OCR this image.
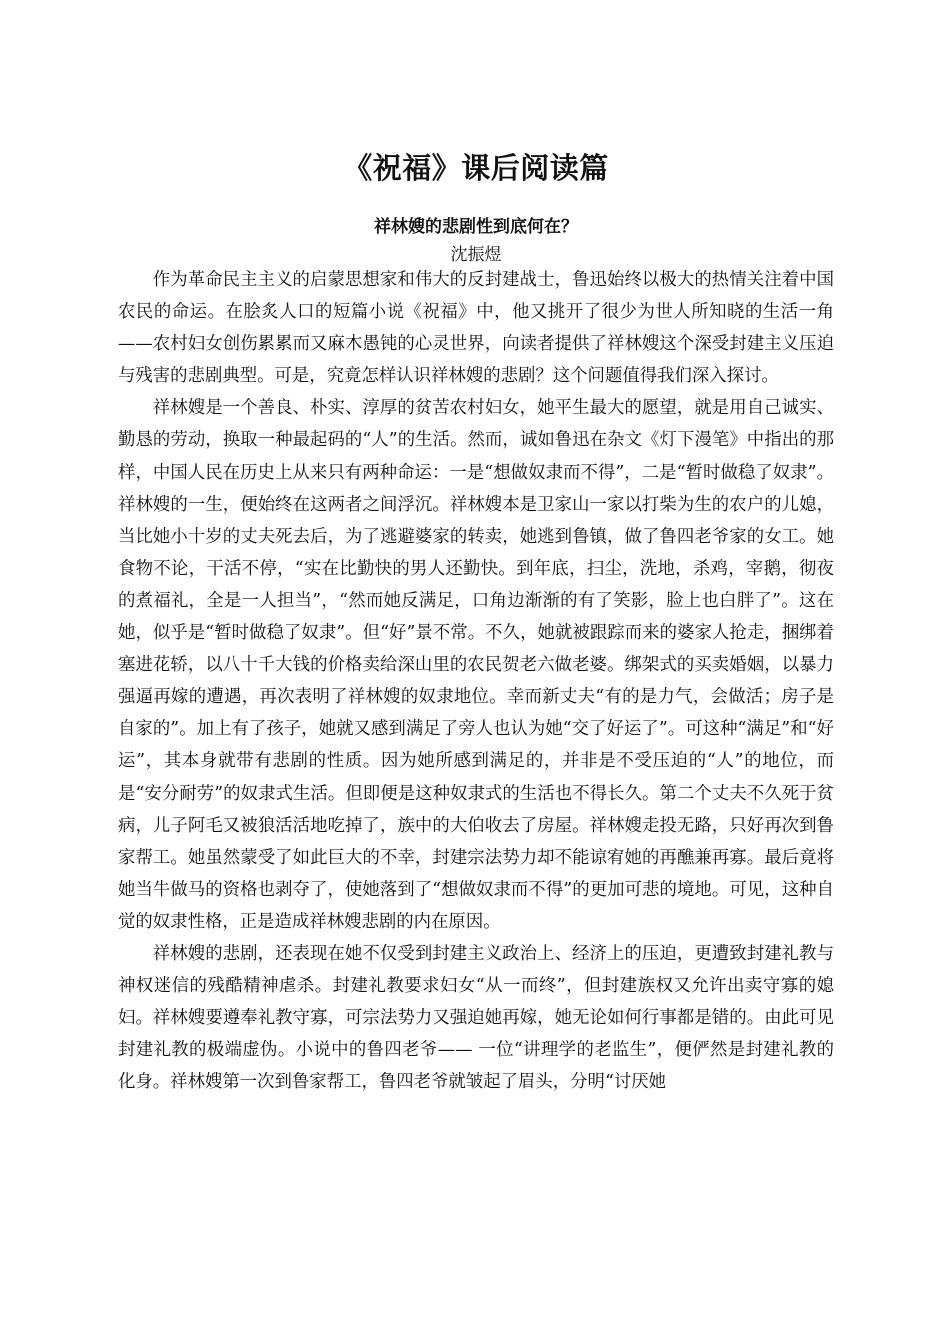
《祝福》课后阅读篇
祥林嫂的悲剧性到底何在？

沈振煜

作为革命民主主义的启蒙思想家和伟大的反封建战士，鲁迅始终以极大的热情关注着中国农民的命运。在脍炙人口的短篇小说《祝福》中，他又挑开了很少为世人所知晓的生活一角——农村妇女创伤累累而又麻木愚钝的心灵世界，向读者提供了祥林嫂这个深受封建主义压迫与残害的悲剧典型。可是，究竟怎样认识祥林嫂的悲剧？这个问题值得我们深入探讨。

祥林嫂是一个善良、朴实、淳厚的贫苦农村妇女，她平生最大的愿望，就是用自己诚实、勤恳的劳动，换取一种最起码的“人”的生活。然而，诚如鲁迅在杂文《灯下漫笔》中指出的那样，中国人民在历史上从来只有两种命运：一是“想做奴隶而不得”，二是“暂时做稳了奴隶”。祥林嫂的一生，便始终在这两者之间浮沉。祥林嫂本是卫家山一家以打柴为生的农户的儿媳，当比她小十岁的丈夫死去后，为了逃避婆家的转卖，她逃到鲁镇，做了鲁四老爷家的女工。她食物不论，干活不停，“实在比勤快的男人还勤快。到年底，扫尘，洗地，杀鸡，宰鹅，彻夜的煮福礼，全是一人担当”，“然而她反满足，口角边渐渐的有了笑影，脸上也白胖了”。这在她，似乎是“暂时做稳了奴隶”。但“好”景不常。不久，她就被跟踪而来的婆家人抢走，捆绑着塞进花轿，以八十千大钱的价格卖给深山里的农民贺老六做老婆。绑架式的买卖婚姻，以暴力强逼再嫁的遭遇，再次表明了祥林嫂的奴隶地位。幸而新丈夫“有的是力气，会做活；房子是自家的”。加上有了孩子，她就又感到满足了旁人也认为她“交了好运了”。可这种“满足”和“好运”，其本身就带有悲剧的性质。因为她所感到满足的，并非是不受压迫的“人”的地位，而是“安分耐劳”的奴隶式生活。但即便是这种奴隶式的生活也不得长久。第二个丈夫不久死于贫病，儿子阿毛又被狼活活地吃掉了，族中的大伯收去了房屋。祥林嫂走投无路，只好再次到鲁家帮工。她虽然蒙受了如此巨大的不幸，封建宗法势力却不能谅宥她的再醮兼再寡。最后竟将她当牛做马的资格也剥夺了，使她落到了“想做奴隶而不得”的更加可悲的境地。可见，这种自觉的奴隶性格，正是造成祥林嫂悲剧的内在原因。

祥林嫂的悲剧，还表现在她不仅受到封建主义政治上、经济上的压迫，更遭致封建礼教与神权迷信的残酷精神虐杀。封建礼教要求妇女“从一而终”，但封建族权又允许出卖守寡的媳妇。祥林嫂要遵奉礼教守寡，可宗法势力又强迫她再嫁，她无论如何行事都是错的。由此可见封建礼教的极端虚伪。小说中的鲁四老爷—— 一位“讲理学的老监生”，便俨然是封建礼教的化身。祥林嫂第一次到鲁家帮工，鲁四老爷就皱起了眉头，分明“讨厌她
